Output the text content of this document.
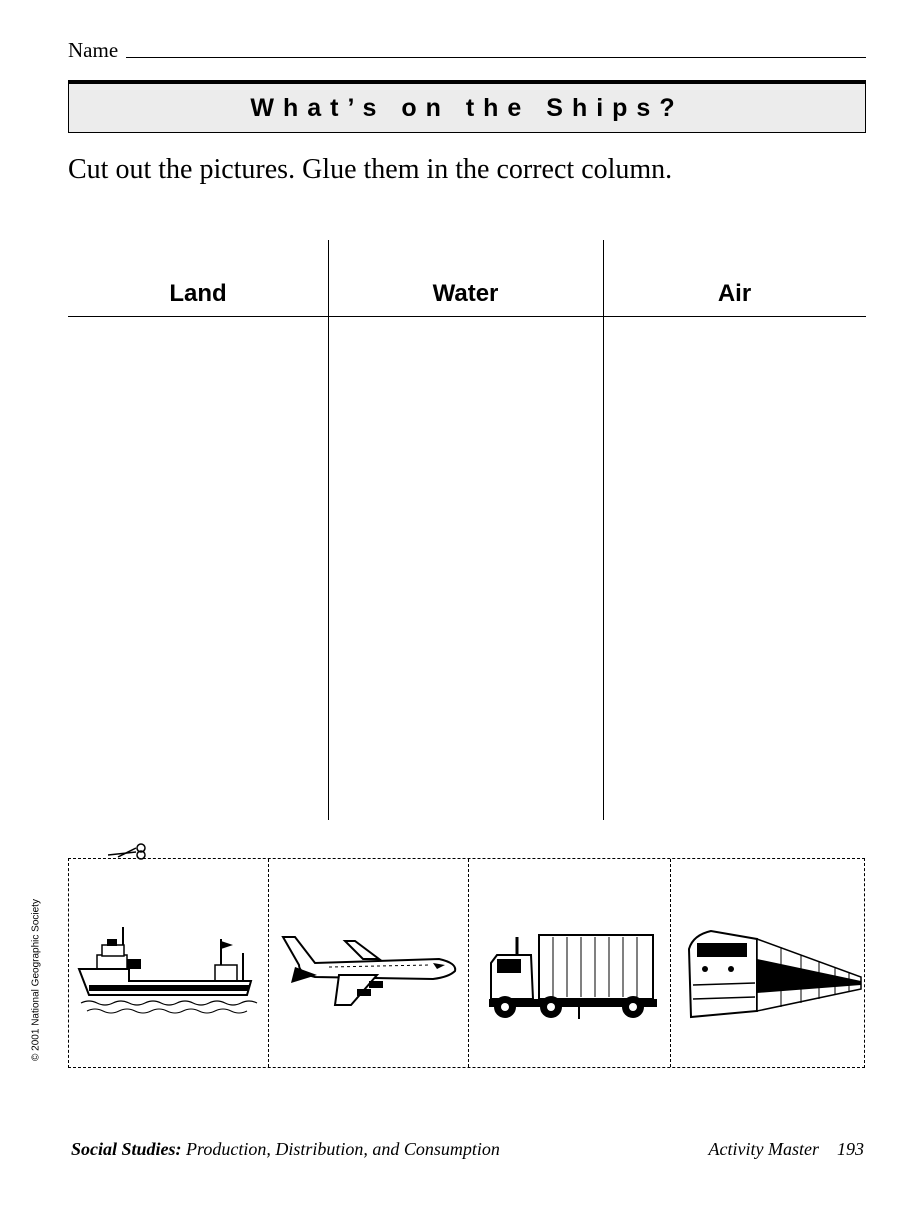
Name
What’s on the Ships?
Cut out the pictures. Glue them in the correct column.
Land	Water	Air
© 2001 National Geographic Society
Social Studies: Production, Distribution, and Consumption	Activity Master 193
